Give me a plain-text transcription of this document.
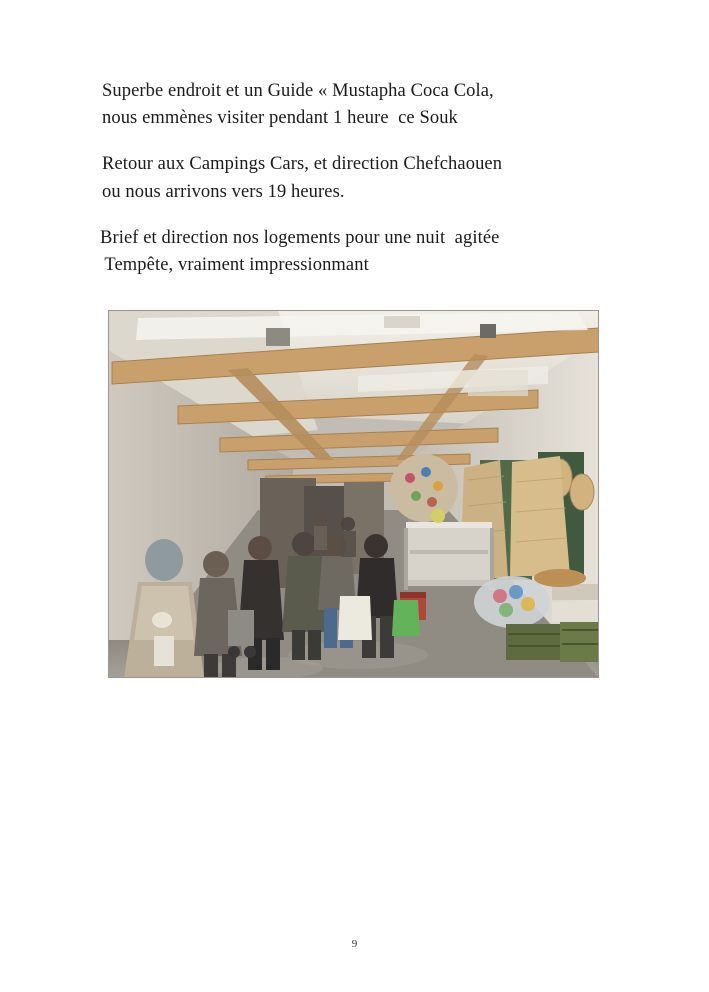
Superbe endroit et un Guide « Mustapha Coca Cola,
nous emmènes visiter pendant 1 heure  ce Souk

Retour aux Campings Cars, et direction Chefchaouen
ou nous arrivons vers 19 heures.

Brief et direction nos logements pour une nuit  agitée
Tempête, vraiment impressionmant

9
